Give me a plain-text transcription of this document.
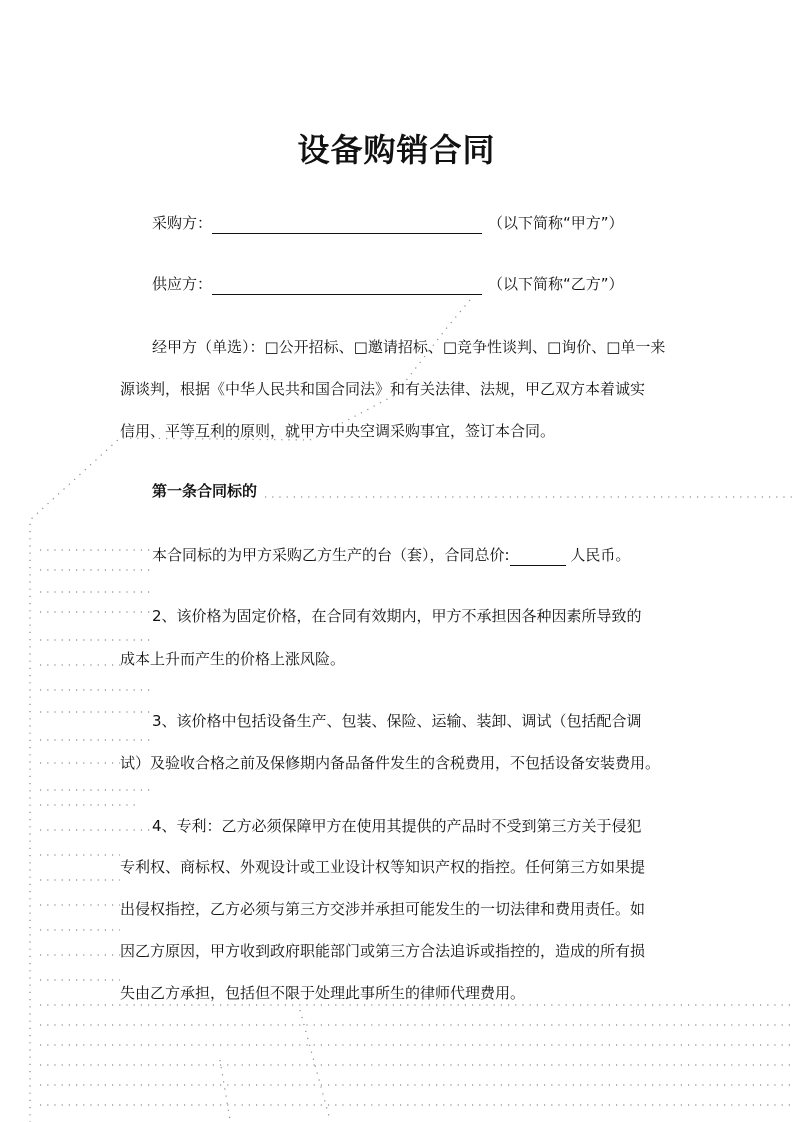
设备购销合同
采购方：	（以下简称“甲方”）
供应方：	（以下简称“乙方”）
经甲方（单选）：□公开招标、□邀请招标、□竞争性谈判、□询价、□单一来
源谈判，根据《中华人民共和国合同法》和有关法律、法规，甲乙双方本着诚实
信用、平等互利的原则，就甲方中央空调采购事宜，签订本合同。
第一条合同标的
本合同标的为甲方采购乙方生产的台（套），合同总价:	人民币。
2、该价格为固定价格，在合同有效期内，甲方不承担因各种因素所导致的
成本上升而产生的价格上涨风险。
3、该价格中包括设备生产、包装、保险、运输、装卸、调试（包括配合调
试）及验收合格之前及保修期内备品备件发生的含税费用，不包括设备安装费用。
4、专利：乙方必须保障甲方在使用其提供的产品时不受到第三方关于侵犯
专利权、商标权、外观设计或工业设计权等知识产权的指控。任何第三方如果提
出侵权指控，乙方必须与第三方交涉并承担可能发生的一切法律和费用责任。如
因乙方原因，甲方收到政府职能部门或第三方合法追诉或指控的，造成的所有损
失由乙方承担，包括但不限于处理此事所生的律师代理费用。
